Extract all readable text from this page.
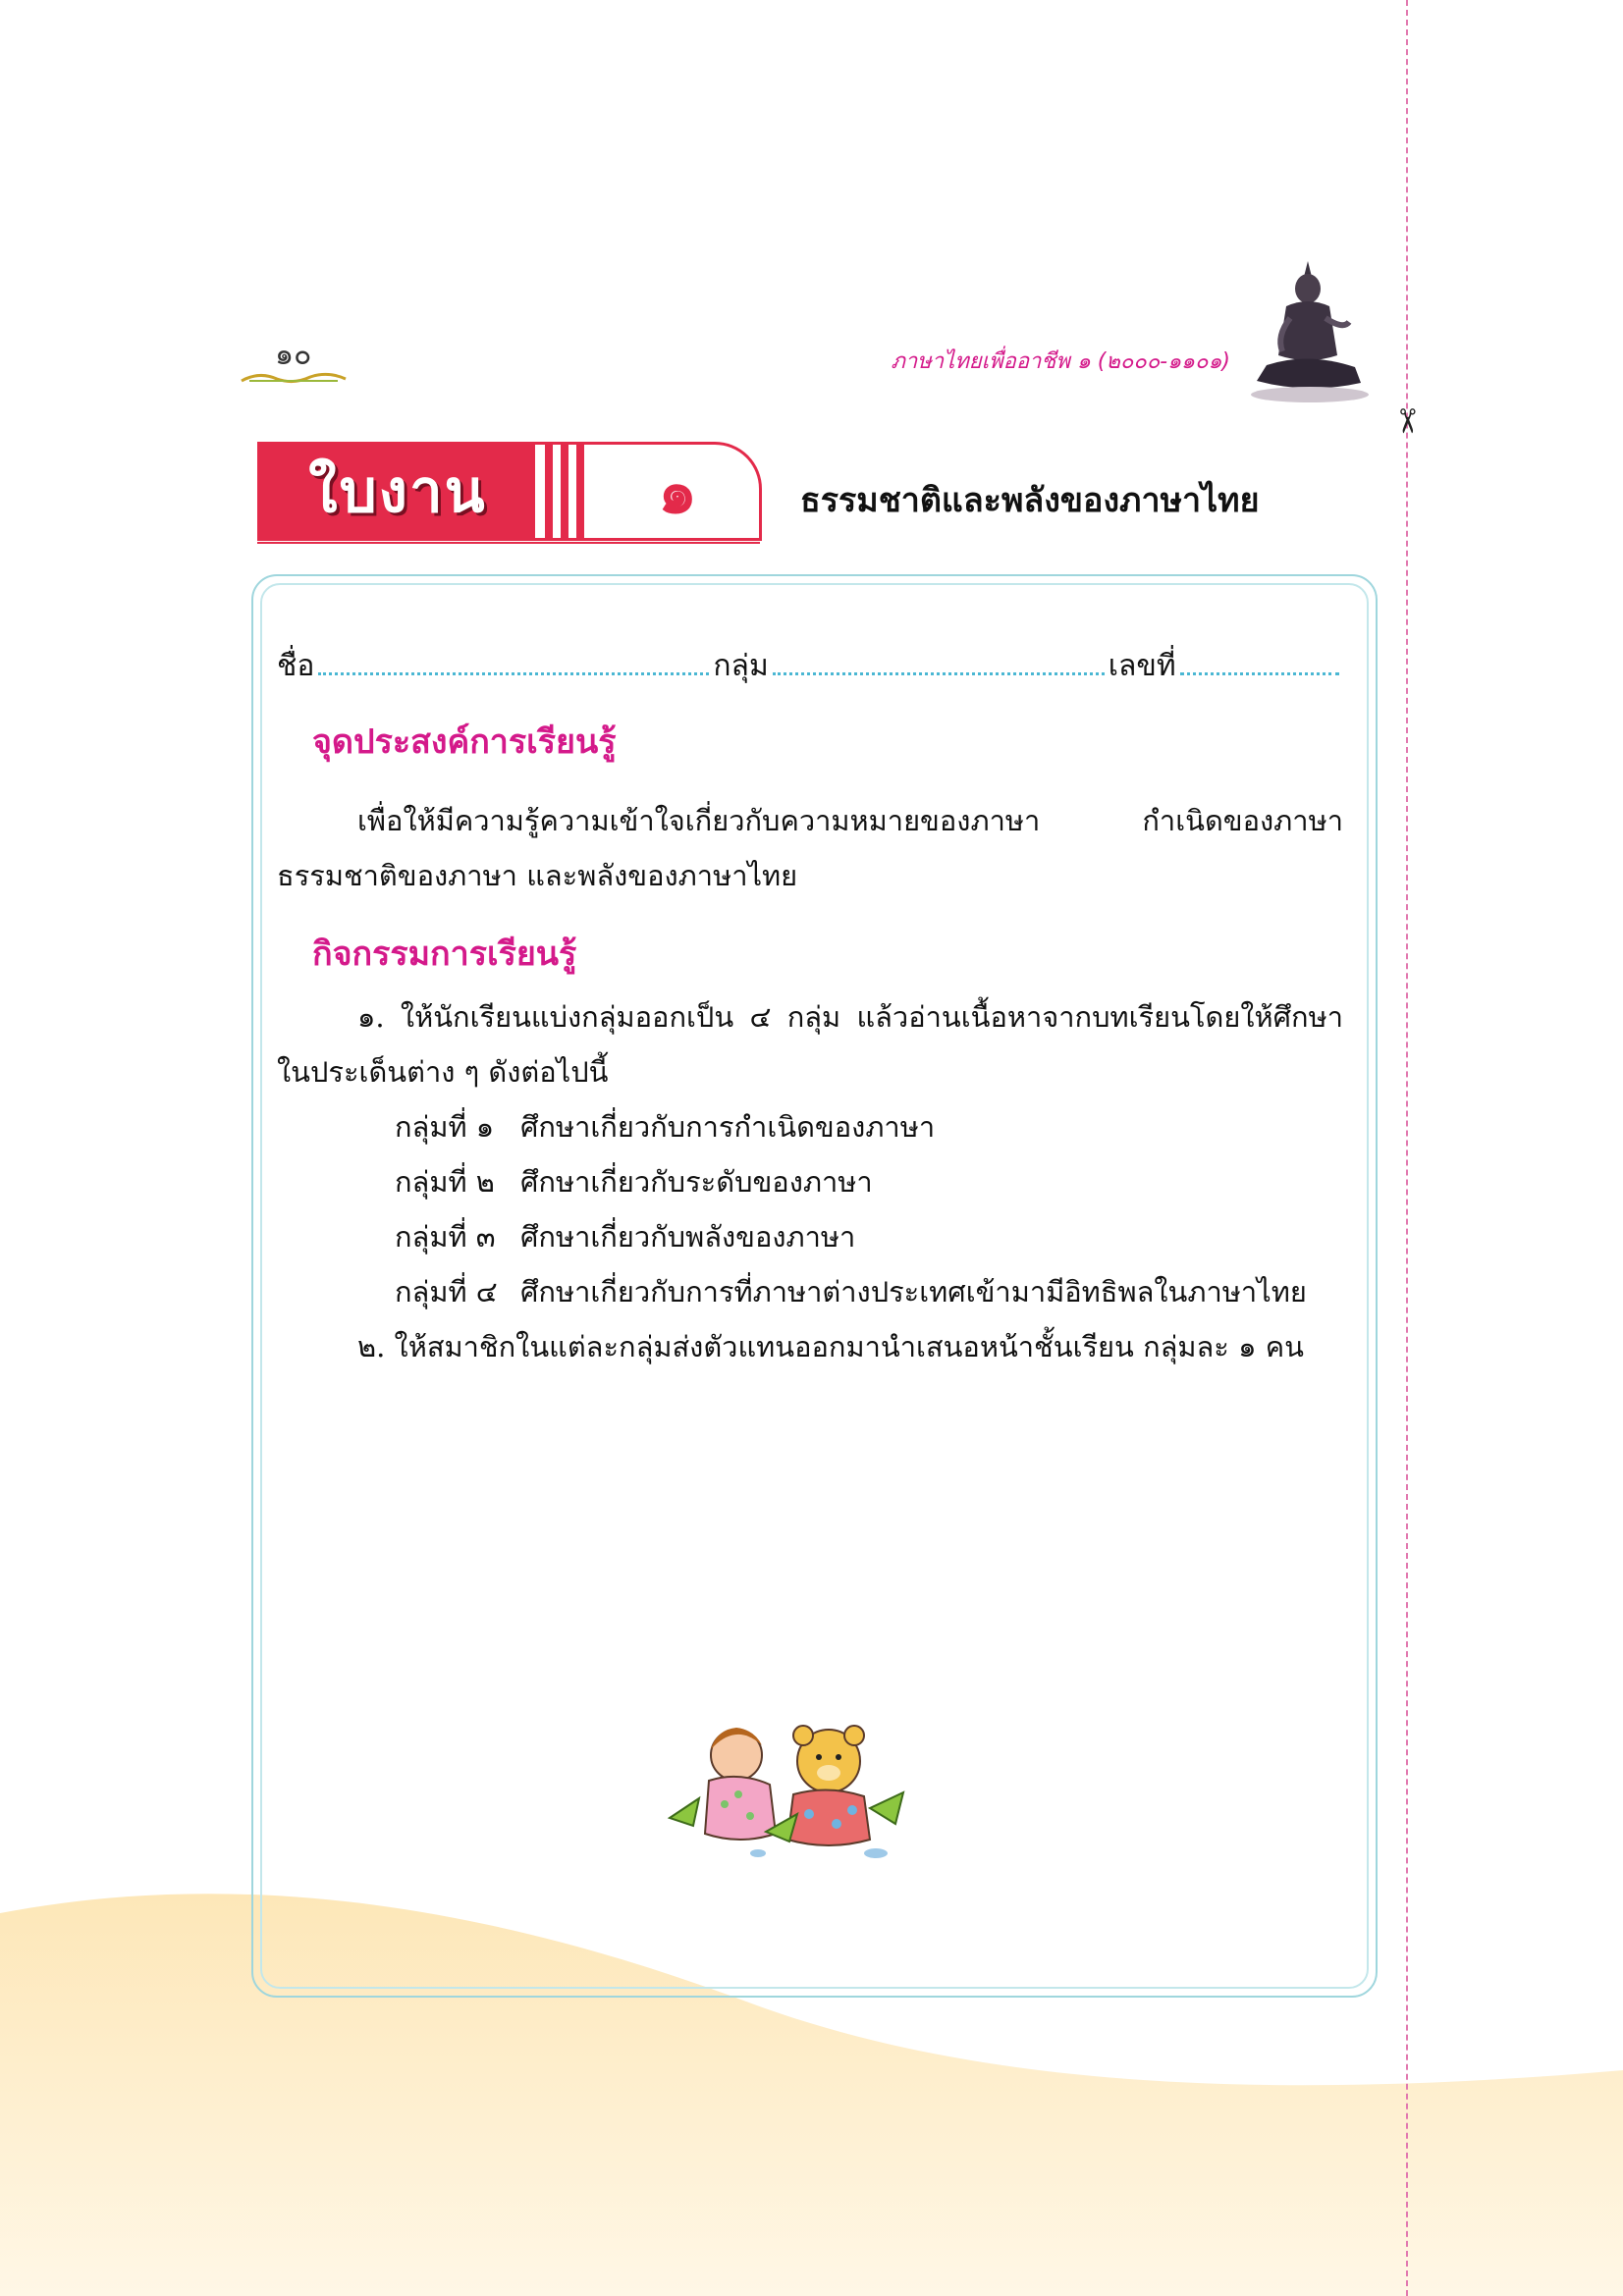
✂
๑๐	ภาษาไทยเพื่ออาชีพ ๑ (๒๐๐๐-๑๑๐๑)
ใบงาน	๑	ธรรมชาติและพลังของภาษาไทย
ชื่อ	กลุ่ม	เลขที่
จุดประสงค์การเรียนรู้
เพื่อให้มีความรู้ความเข้าใจเกี่ยวกับความหมายของภาษา กำเนิดของภาษา ธรรมชาติของภาษา และพลังของภาษาไทย
กิจกรรมการเรียนรู้
๑. ให้นักเรียนแบ่งกลุ่มออกเป็น ๔ กลุ่ม แล้วอ่านเนื้อหาจากบทเรียนโดยให้ศึกษาในประเด็นต่าง ๆ ดังต่อไปนี้
กลุ่มที่ ๑ ศึกษาเกี่ยวกับการกำเนิดของภาษา
กลุ่มที่ ๒ ศึกษาเกี่ยวกับระดับของภาษา
กลุ่มที่ ๓ ศึกษาเกี่ยวกับพลังของภาษา
กลุ่มที่ ๔ ศึกษาเกี่ยวกับการที่ภาษาต่างประเทศเข้ามามีอิทธิพลในภาษาไทย
๒. ให้สมาชิกในแต่ละกลุ่มส่งตัวแทนออกมานำเสนอหน้าชั้นเรียน กลุ่มละ ๑ คน
